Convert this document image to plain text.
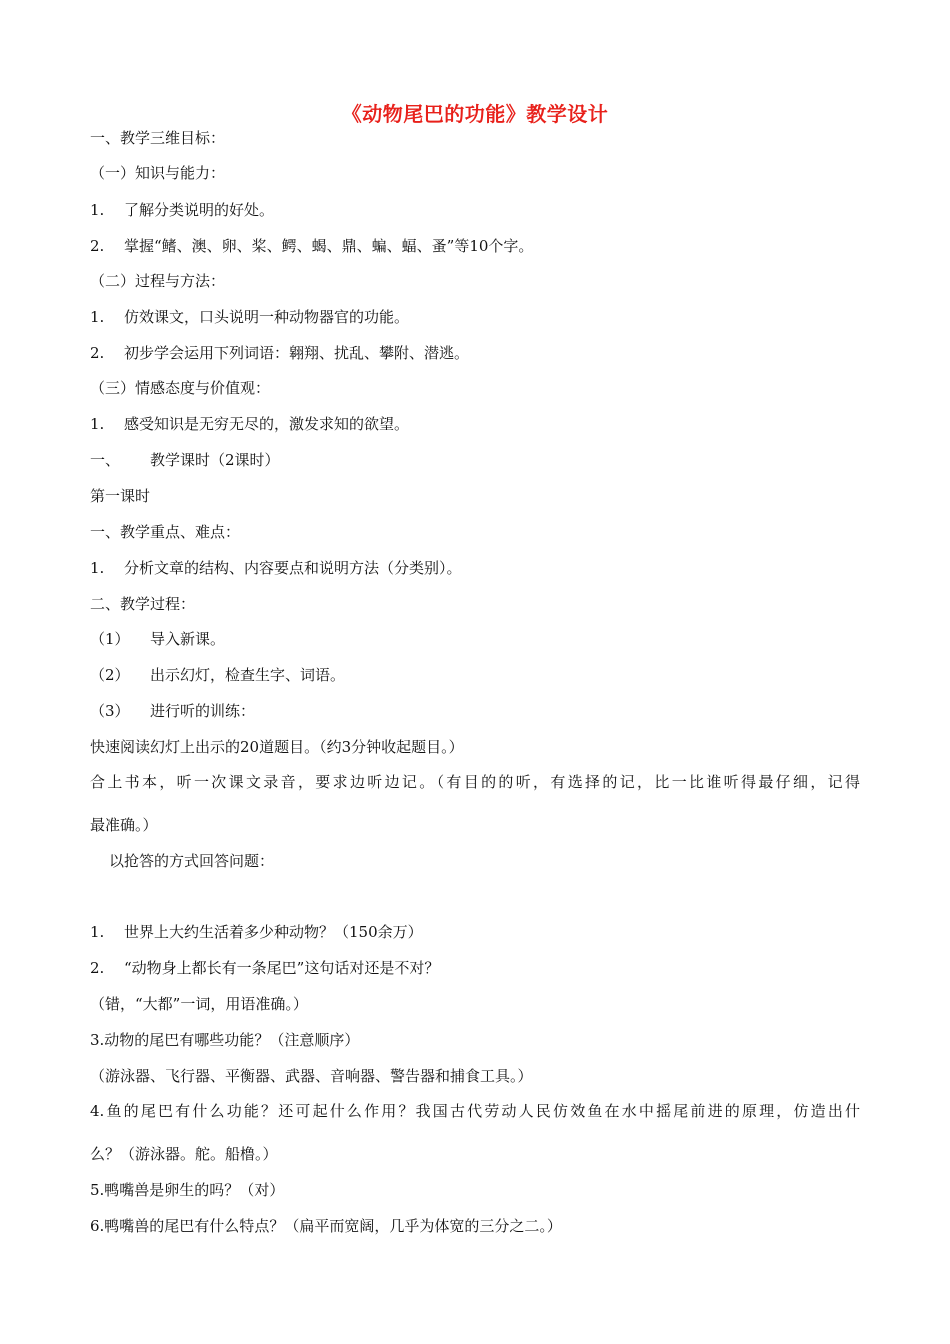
《动物尾巴的功能》教学设计
一、教学三维目标：
（一）知识与能力：
1. 了解分类说明的好处。
2. 掌握“鳍、澳、卵、桨、鳄、蝎、鼎、蝙、蝠、蚤”等10个字。
（二）过程与方法：
1. 仿效课文，口头说明一种动物器官的功能。
2. 初步学会运用下列词语：翱翔、扰乱、攀附、潜逃。
（三）情感态度与价值观：
1. 感受知识是无穷无尽的，激发求知的欲望。
一、 教学课时（2课时）
第一课时
一、教学重点、难点：
1. 分析文章的结构、内容要点和说明方法（分类别）。
二、教学过程：
（1） 导入新课。
（2） 出示幻灯，检查生字、词语。
（3） 进行听的训练：
快速阅读幻灯上出示的20道题目。（约3分钟收起题目。）
合上书本，听一次课文录音，要求边听边记。（有目的的听，有选择的记，比一比谁听得最仔细，记得
最准确。）
以抢答的方式回答问题：
1. 世界上大约生活着多少种动物？（150余万）
2. “动物身上都长有一条尾巴”这句话对还是不对？
（错，“大都”一词，用语准确。）
3.动物的尾巴有哪些功能？（注意顺序）
（游泳器、飞行器、平衡器、武器、音响器、警告器和捕食工具。）
4.鱼的尾巴有什么功能？还可起什么作用？我国古代劳动人民仿效鱼在水中摇尾前进的原理，仿造出什
么？（游泳器。舵。船橹。）
5.鸭嘴兽是卵生的吗？（对）
6.鸭嘴兽的尾巴有什么特点？（扁平而宽阔，几乎为体宽的三分之二。）
